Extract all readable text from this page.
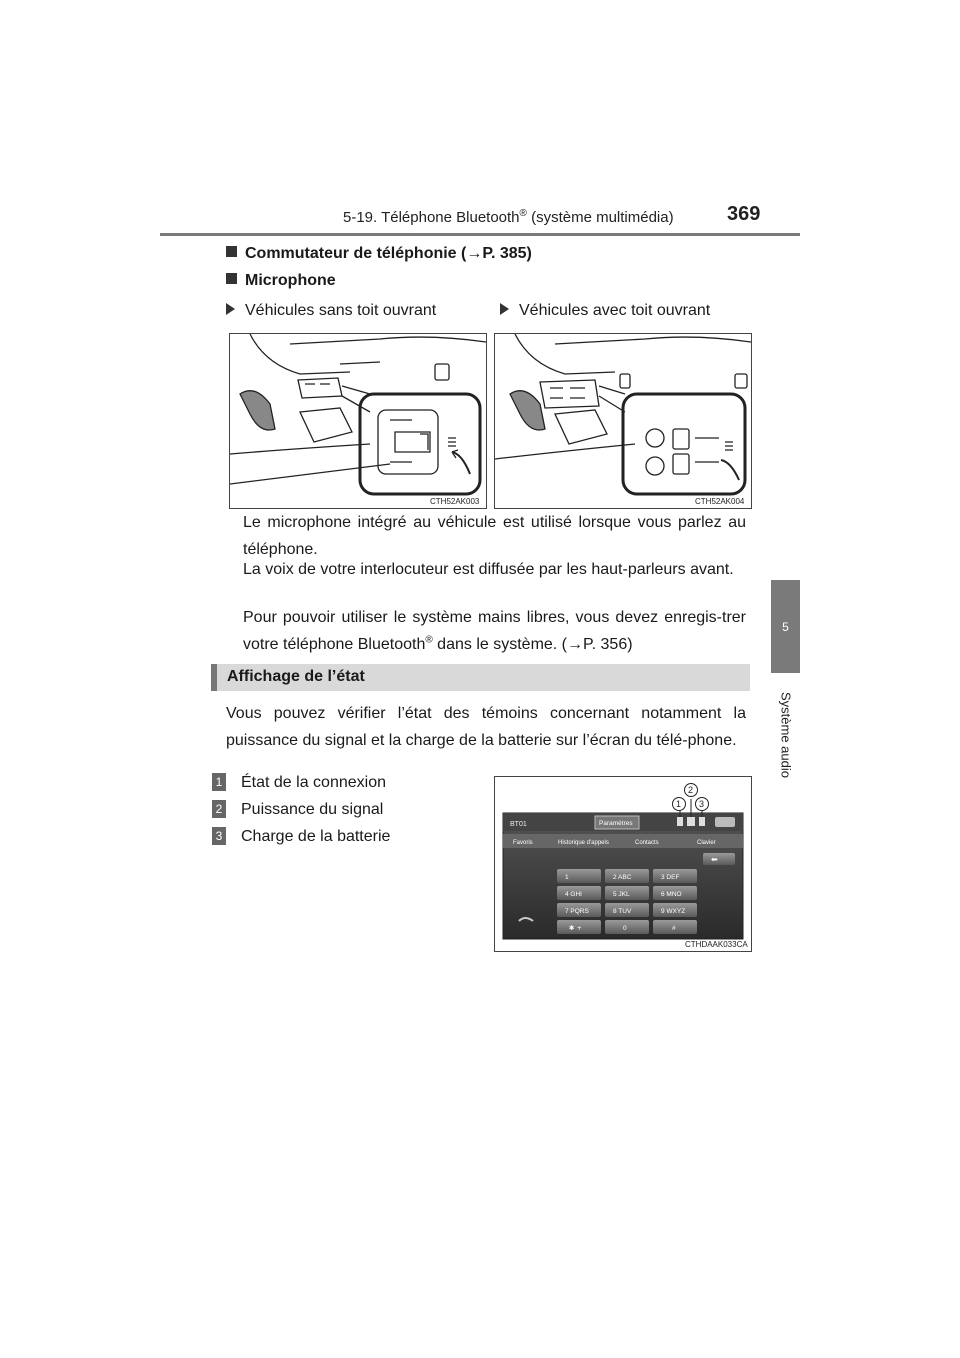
5-19. Téléphone Bluetooth® (système multimédia)	369
5
Système audio
Commutateur de téléphonie (→P. 385)
Microphone
Véhicules sans toit ouvrant	Véhicules avec toit ouvrant
CTH52AK003	CTH52AK004
Le microphone intégré au véhicule est utilisé lorsque vous parlez au téléphone.
La voix de votre interlocuteur est diffusée par les haut-parleurs avant.
Pour pouvoir utiliser le système mains libres, vous devez enregis-trer votre téléphone Bluetooth® dans le système. (→P. 356)
Affichage de l’état
Vous pouvez vérifier l’état des témoins concernant notamment la puissance du signal et la charge de la batterie sur l’écran du télé-phone.
1 État de la connexion
2 Puissance du signal
3 Charge de la batterie
BT01	Paramètres
1
2
3
Favoris	Historique d'appels	Contacts	Clavier
⬅
1	2 ABC	3 DEF
4 GHI	5 JKL	6 MNO
7 PQRS	8 TUV	9 WXYZ
✱ +	0	#
CTHDAAK033CA
